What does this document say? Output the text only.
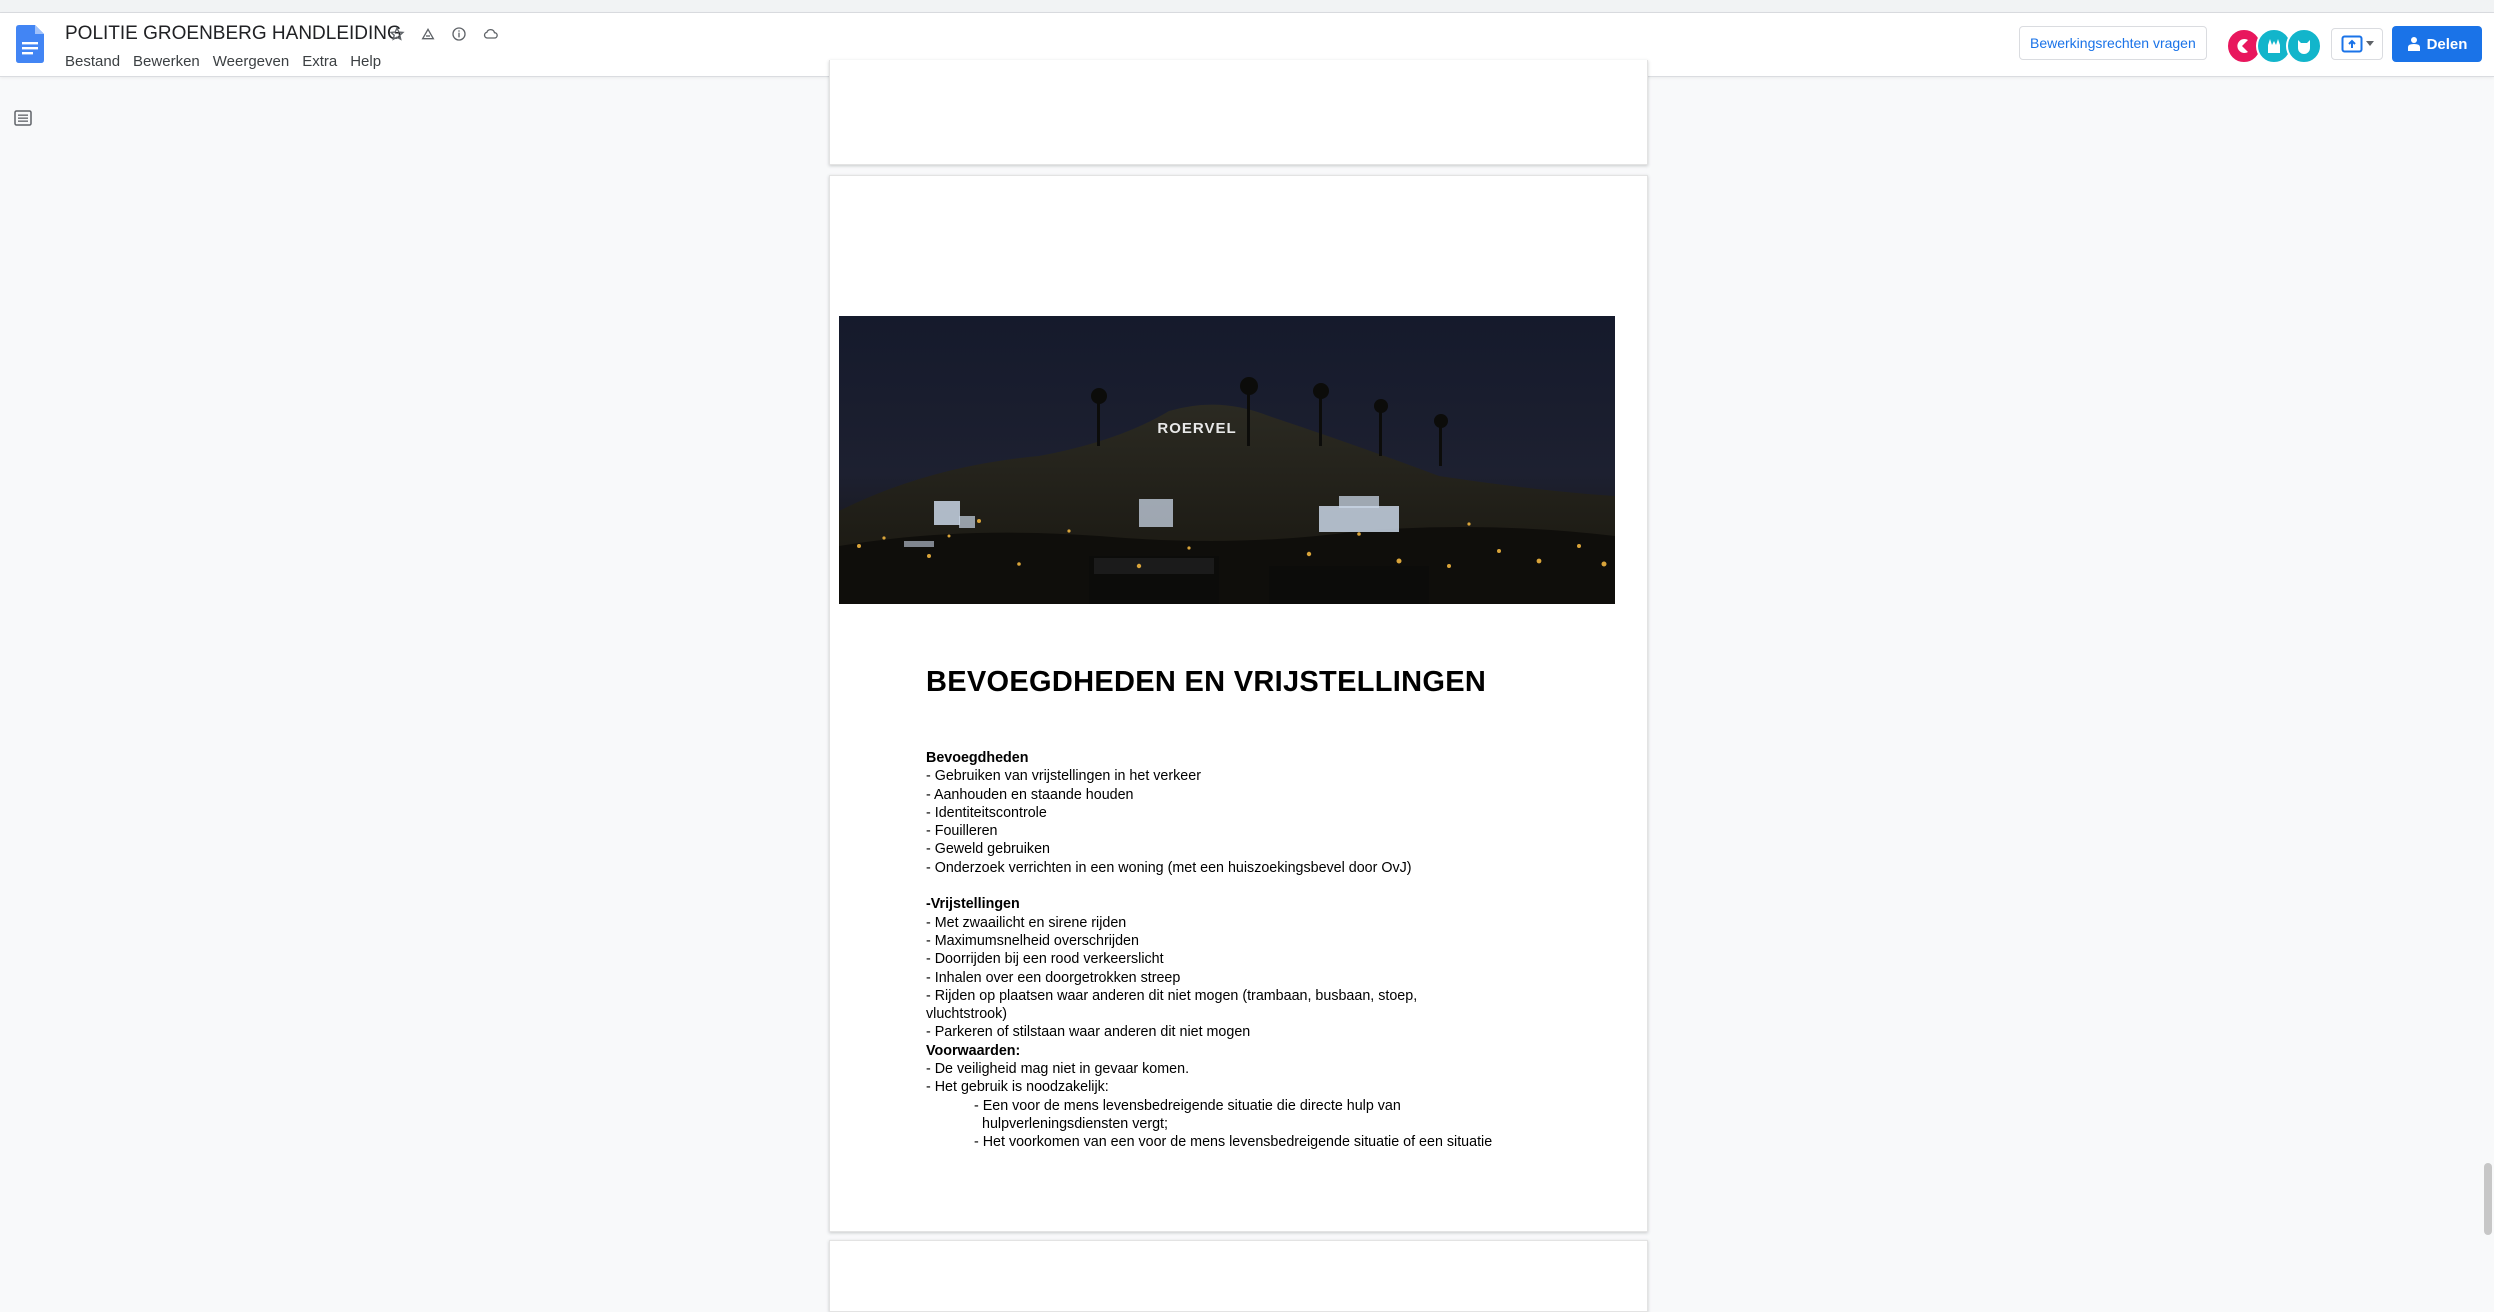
POLITIE GROENBERG HANDLEIDING
Bestand Bewerken Weergeven Extra Help
Bewerkingsrechten vragen	Delen
ROERVEL
BEVOEGDHEDEN EN VRIJSTELLINGEN
Bevoegdheden
- Gebruiken van vrijstellingen in het verkeer
- Aanhouden en staande houden
- Identiteitscontrole
- Fouilleren
- Geweld gebruiken
- Onderzoek verrichten in een woning (met een huiszoekingsbevel door OvJ)
-Vrijstellingen
- Met zwaailicht en sirene rijden
- Maximumsnelheid overschrijden
- Doorrijden bij een rood verkeerslicht
- Inhalen over een doorgetrokken streep
- Rijden op plaatsen waar anderen dit niet mogen (trambaan, busbaan, stoep,
vluchtstrook)
- Parkeren of stilstaan waar anderen dit niet mogen
Voorwaarden:
- De veiligheid mag niet in gevaar komen.
- Het gebruik is noodzakelijk:
- Een voor de mens levensbedreigende situatie die directe hulp van
hulpverleningsdiensten vergt;
- Het voorkomen van een voor de mens levensbedreigende situatie of een situatie
